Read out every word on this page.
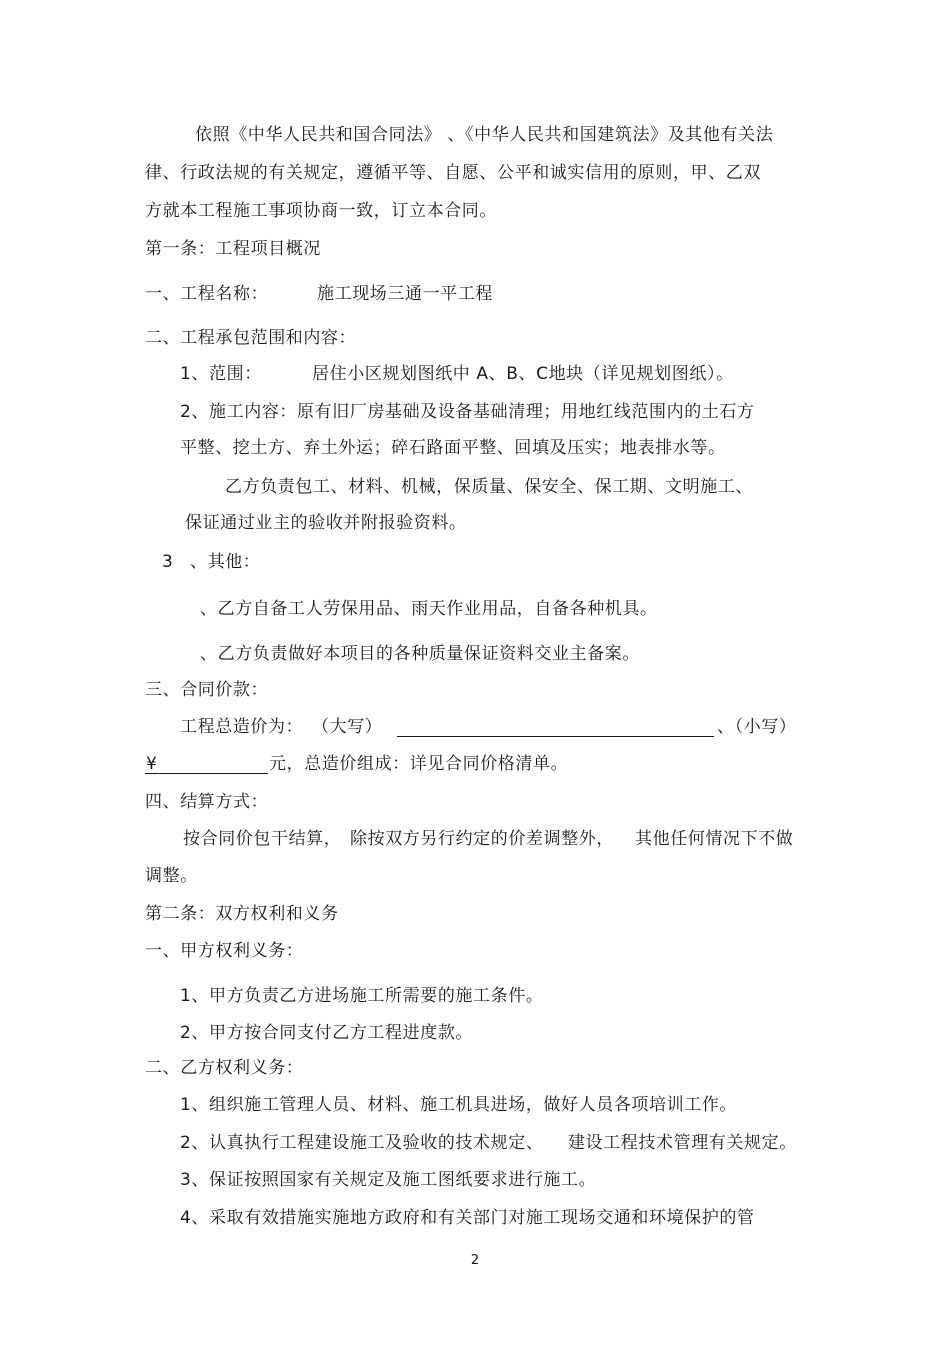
依照《中华人民共和国合同法》 、《中华人民共和国建筑法》及其他有关法
律、行政法规的有关规定，遵循平等、自愿、公平和诚实信用的原则，甲、乙双
方就本工程施工事项协商一致，订立本合同。
第一条：工程项目概况
一、工程名称：	施工现场三通一平工程
二、工程承包范围和内容：
1、范围：	居住小区规划图纸中 A、B、C地块（详见规划图纸）。
2、施工内容：原有旧厂房基础及设备基础清理；用地红线范围内的土石方
平整、挖土方、弃土外运；碎石路面平整、回填及压实；地表排水等。
乙方负责包工、材料、机械，保质量、保安全、保工期、文明施工、
保证通过业主的验收并附报验资料。
3 、其他：
、乙方自备工人劳保用品、雨天作业用品，自备各种机具。
、乙方负责做好本项目的各种质量保证资料交业主备案。
三、合同价款：
工程总造价为： （大写）	、（小写）
¥	元，总造价组成：详见合同价格清单。
四、结算方式：
按合同价包干结算， 除按双方另行约定的价差调整外， 其他任何情况下不做
调整。
第二条：双方权利和义务
一、甲方权利义务：
1、甲方负责乙方进场施工所需要的施工条件。
2、甲方按合同支付乙方工程进度款。
二、乙方权利义务：
1、组织施工管理人员、材料、施工机具进场，做好人员各项培训工作。
2、认真执行工程建设施工及验收的技术规定、 建设工程技术管理有关规定。
3、保证按照国家有关规定及施工图纸要求进行施工。
4、采取有效措施实施地方政府和有关部门对施工现场交通和环境保护的管
2
